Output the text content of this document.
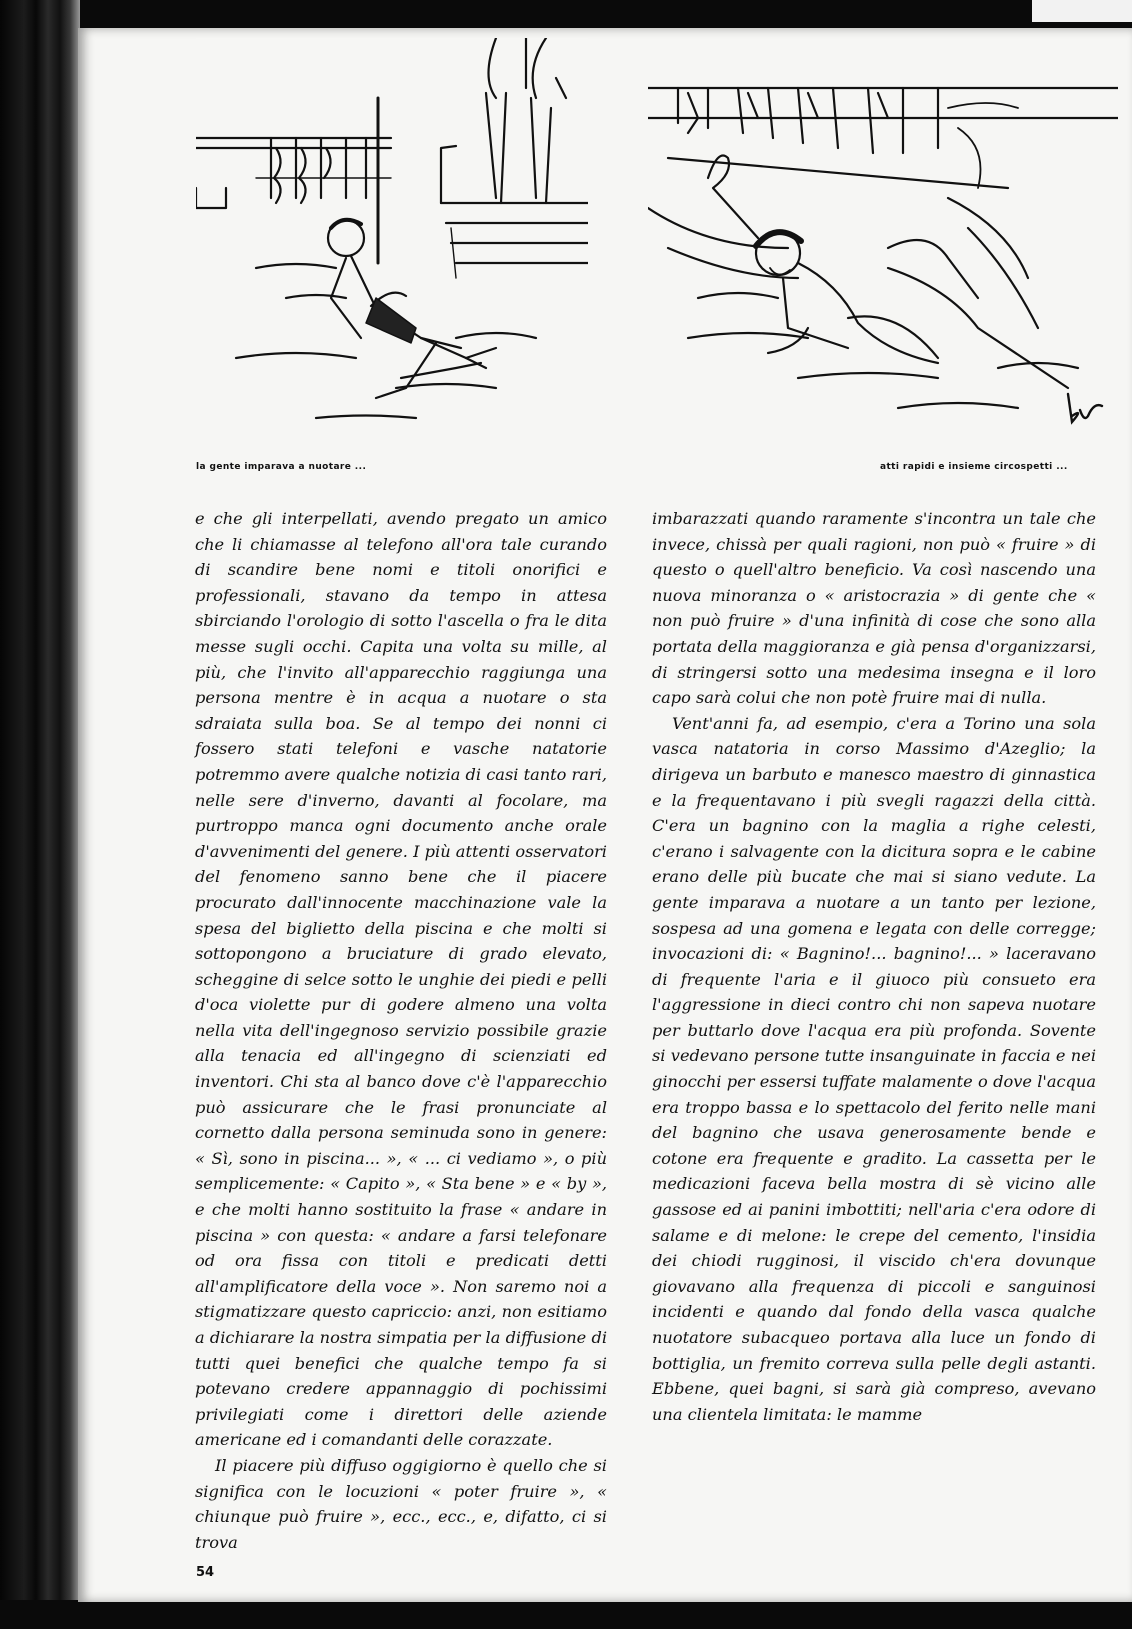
la gente imparava a nuotare ...	atti rapidi e insieme circospetti ...

e che gli interpellati, avendo pregato un amico che li chiamasse al telefono all'ora tale curando di scandire bene nomi e titoli onorifici e professionali, stavano da tempo in attesa sbirciando l'orologio di sotto l'ascella o fra le dita messe sugli occhi. Capita una volta su mille, al più, che l'invito all'apparecchio raggiunga una persona mentre è in acqua a nuotare o sta sdraiata sulla boa. Se al tempo dei nonni ci fossero stati telefoni e vasche natatorie potremmo avere qualche notizia di casi tanto rari, nelle sere d'inverno, davanti al focolare, ma purtroppo manca ogni documento anche orale d'avvenimenti del genere. I più attenti osservatori del fenomeno sanno bene che il piacere procurato dall'innocente macchinazione vale la spesa del biglietto della piscina e che molti si sottopongono a bruciature di grado elevato, scheggine di selce sotto le unghie dei piedi e pelli d'oca violette pur di godere almeno una volta nella vita dell'ingegnoso servizio possibile grazie alla tenacia ed all'ingegno di scienziati ed inventori. Chi sta al banco dove c'è l'apparecchio può assicurare che le frasi pronunciate al cornetto dalla persona seminuda sono in genere: « Sì, sono in piscina... », « ... ci vediamo », o più semplicemente: « Capito », « Sta bene » e « by », e che molti hanno sostituito la frase « andare in piscina » con questa: « andare a farsi telefonare od ora fissa con titoli e predicati detti all'amplificatore della voce ». Non saremo noi a stigmatizzare questo capriccio: anzi, non esitiamo a dichiarare la nostra simpatia per la diffusione di tutti quei benefici che qualche tempo fa si potevano credere appannaggio di pochissimi privilegiati come i direttori delle aziende americane ed i comandanti delle corazzate.

Il piacere più diffuso oggigiorno è quello che si significa con le locuzioni « poter fruire », « chiunque può fruire », ecc., ecc., e, difatto, ci si trova

imbarazzati quando raramente s'incontra un tale che invece, chissà per quali ragioni, non può « fruire » di questo o quell'altro beneficio. Va così nascendo una nuova minoranza o « aristocrazia » di gente che « non può fruire » d'una infinità di cose che sono alla portata della maggioranza e già pensa d'organizzarsi, di stringersi sotto una medesima insegna e il loro capo sarà colui che non potè fruire mai di nulla.

Vent'anni fa, ad esempio, c'era a Torino una sola vasca natatoria in corso Massimo d'Azeglio; la dirigeva un barbuto e manesco maestro di ginnastica e la frequentavano i più svegli ragazzi della città. C'era un bagnino con la maglia a righe celesti, c'erano i salvagente con la dicitura sopra e le cabine erano delle più bucate che mai si siano vedute. La gente imparava a nuotare a un tanto per lezione, sospesa ad una gomena e legata con delle corregge; invocazioni di: « Bagnino!... bagnino!... » laceravano di frequente l'aria e il giuoco più consueto era l'aggressione in dieci contro chi non sapeva nuotare per buttarlo dove l'acqua era più profonda. Sovente si vedevano persone tutte insanguinate in faccia e nei ginocchi per essersi tuffate malamente o dove l'acqua era troppo bassa e lo spettacolo del ferito nelle mani del bagnino che usava generosamente bende e cotone era frequente e gradito. La cassetta per le medicazioni faceva bella mostra di sè vicino alle gassose ed ai panini imbottiti; nell'aria c'era odore di salame e di melone: le crepe del cemento, l'insidia dei chiodi rugginosi, il viscido ch'era dovunque giovavano alla frequenza di piccoli e sanguinosi incidenti e quando dal fondo della vasca qualche nuotatore subacqueo portava alla luce un fondo di bottiglia, un fremito correva sulla pelle degli astanti. Ebbene, quei bagni, si sarà già compreso, avevano una clientela limitata: le mamme

54
